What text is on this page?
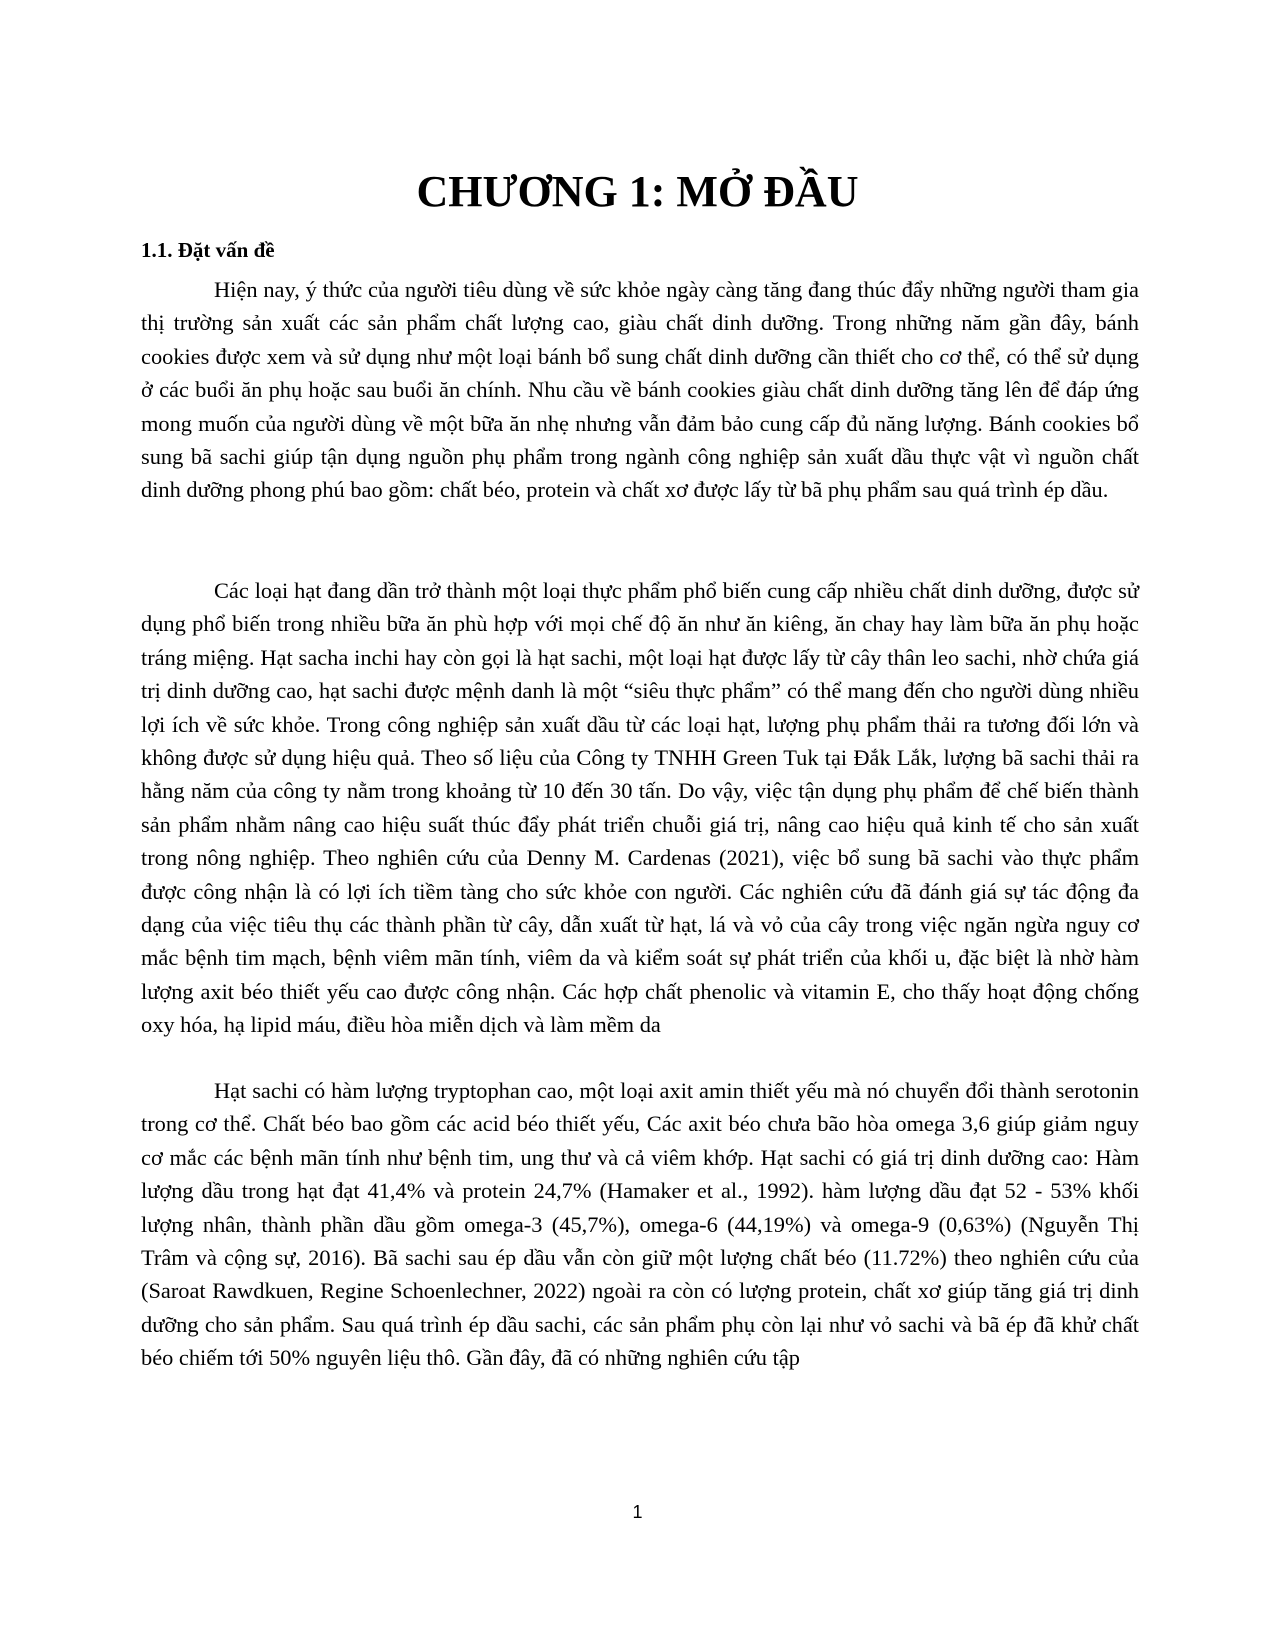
CHƯƠNG 1: MỞ ĐẦU
1.1. Đặt vấn đề

Hiện nay, ý thức của người tiêu dùng về sức khỏe ngày càng tăng đang thúc đẩy những người tham gia thị trường sản xuất các sản phẩm chất lượng cao, giàu chất dinh dưỡng. Trong những năm gần đây, bánh cookies được xem và sử dụng như một loại bánh bổ sung chất dinh dưỡng cần thiết cho cơ thể, có thể sử dụng ở các buổi ăn phụ hoặc sau buổi ăn chính. Nhu cầu về bánh cookies giàu chất dinh dưỡng tăng lên để đáp ứng mong muốn của người dùng về một bữa ăn nhẹ nhưng vẫn đảm bảo cung cấp đủ năng lượng. Bánh cookies bổ sung bã sachi giúp tận dụng nguồn phụ phẩm trong ngành công nghiệp sản xuất dầu thực vật vì nguồn chất dinh dưỡng phong phú bao gồm: chất béo, protein và chất xơ được lấy từ bã phụ phẩm sau quá trình ép dầu.

Các loại hạt đang dần trở thành một loại thực phẩm phổ biến cung cấp nhiều chất dinh dưỡng, được sử dụng phổ biến trong nhiều bữa ăn phù hợp với mọi chế độ ăn như ăn kiêng, ăn chay hay làm bữa ăn phụ hoặc tráng miệng. Hạt sacha inchi hay còn gọi là hạt sachi, một loại hạt được lấy từ cây thân leo sachi, nhờ chứa giá trị dinh dưỡng cao, hạt sachi được mệnh danh là một “siêu thực phẩm” có thể mang đến cho người dùng nhiều lợi ích về sức khỏe. Trong công nghiệp sản xuất dầu từ các loại hạt, lượng phụ phẩm thải ra tương đối lớn và không được sử dụng hiệu quả. Theo số liệu của Công ty TNHH Green Tuk tại Đắk Lắk, lượng bã sachi thải ra hằng năm của công ty nằm trong khoảng từ 10 đến 30 tấn. Do vậy, việc tận dụng phụ phẩm để chế biến thành sản phẩm nhằm nâng cao hiệu suất thúc đẩy phát triển chuỗi giá trị, nâng cao hiệu quả kinh tế cho sản xuất trong nông nghiệp. Theo nghiên cứu của Denny M. Cardenas (2021), việc bổ sung bã sachi vào thực phẩm được công nhận là có lợi ích tiềm tàng cho sức khỏe con người. Các nghiên cứu đã đánh giá sự tác động đa dạng của việc tiêu thụ các thành phần từ cây, dẫn xuất từ hạt, lá và vỏ của cây trong việc ngăn ngừa nguy cơ mắc bệnh tim mạch, bệnh viêm mãn tính, viêm da và kiểm soát sự phát triển của khối u, đặc biệt là nhờ hàm lượng axit béo thiết yếu cao được công nhận. Các hợp chất phenolic và vitamin E, cho thấy hoạt động chống oxy hóa, hạ lipid máu, điều hòa miễn dịch và làm mềm da

Hạt sachi có hàm lượng tryptophan cao, một loại axit amin thiết yếu mà nó chuyển đổi thành serotonin trong cơ thể. Chất béo bao gồm các acid béo thiết yếu, Các axit béo chưa bão hòa omega 3,6 giúp giảm nguy cơ mắc các bệnh mãn tính như bệnh tim, ung thư và cả viêm khớp. Hạt sachi có giá trị dinh dưỡng cao: Hàm lượng dầu trong hạt đạt 41,4% và protein 24,7% (Hamaker et al., 1992). hàm lượng dầu đạt 52 - 53% khối lượng nhân, thành phần dầu gồm omega-3 (45,7%), omega-6 (44,19%) và omega-9 (0,63%) (Nguyễn Thị Trâm và cộng sự, 2016). Bã sachi sau ép dầu vẫn còn giữ một lượng chất béo (11.72%) theo nghiên cứu của (Saroat Rawdkuen, Regine Schoenlechner, 2022) ngoài ra còn có lượng protein, chất xơ giúp tăng giá trị dinh dưỡng cho sản phẩm. Sau quá trình ép dầu sachi, các sản phẩm phụ còn lại như vỏ sachi và bã ép đã khử chất béo chiếm tới 50% nguyên liệu thô. Gần đây, đã có những nghiên cứu tập

1
